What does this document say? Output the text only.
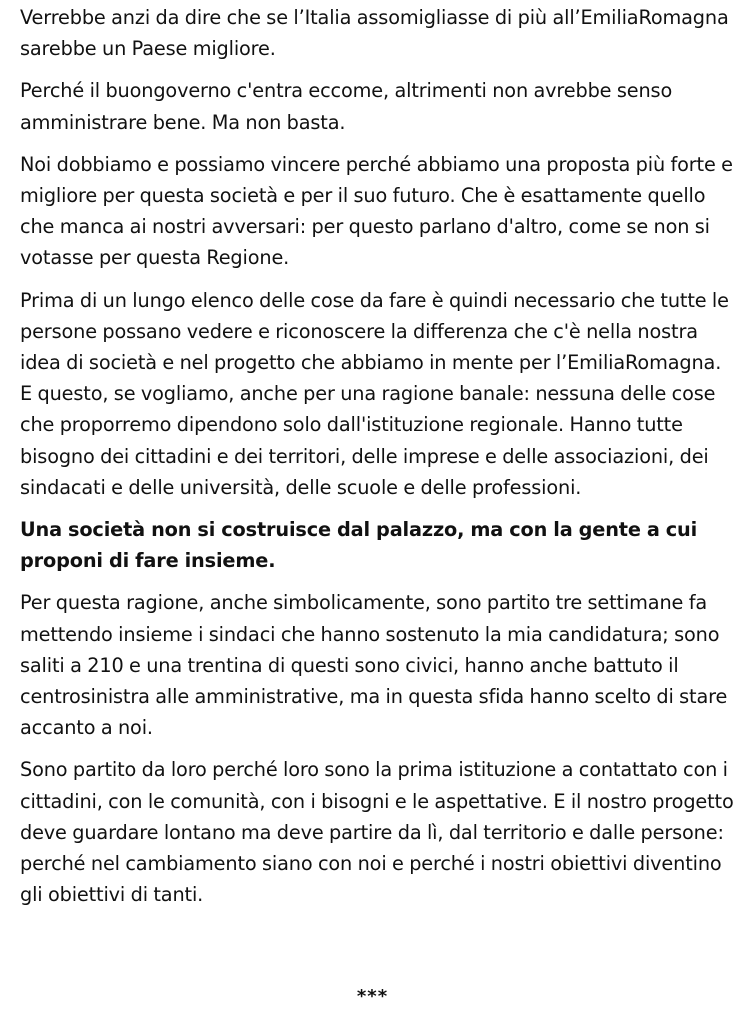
Verrebbe anzi da dire che se l’Italia assomigliasse di più all’EmiliaRomagna sarebbe un Paese migliore.

Perché il buongoverno c'entra eccome, altrimenti non avrebbe senso amministrare bene. Ma non basta.

Noi dobbiamo e possiamo vincere perché abbiamo una proposta più forte e migliore per questa società e per il suo futuro. Che è esattamente quello che manca ai nostri avversari: per questo parlano d'altro, come se non si votasse per questa Regione.

Prima di un lungo elenco delle cose da fare è quindi necessario che tutte le persone possano vedere e riconoscere la differenza che c'è nella nostra idea di società e nel progetto che abbiamo in mente per l’EmiliaRomagna. E questo, se vogliamo, anche per una ragione banale: nessuna delle cose che proporremo dipendono solo dall'istituzione regionale. Hanno tutte bisogno dei cittadini e dei territori, delle imprese e delle associazioni, dei sindacati e delle università, delle scuole e delle professioni.

Una società non si costruisce dal palazzo, ma con la gente a cui proponi di fare insieme.

Per questa ragione, anche simbolicamente, sono partito tre settimane fa mettendo insieme i sindaci che hanno sostenuto la mia candidatura; sono saliti a 210 e una trentina di questi sono civici, hanno anche battuto il centrosinistra alle amministrative, ma in questa sfida hanno scelto di stare accanto a noi.

Sono partito da loro perché loro sono la prima istituzione a contattato con i cittadini, con le comunità, con i bisogni e le aspettative. E il nostro progetto deve guardare lontano ma deve partire da lì, dal territorio e dalle persone: perché nel cambiamento siano con noi e perché i nostri obiettivi diventino gli obiettivi di tanti.

***
